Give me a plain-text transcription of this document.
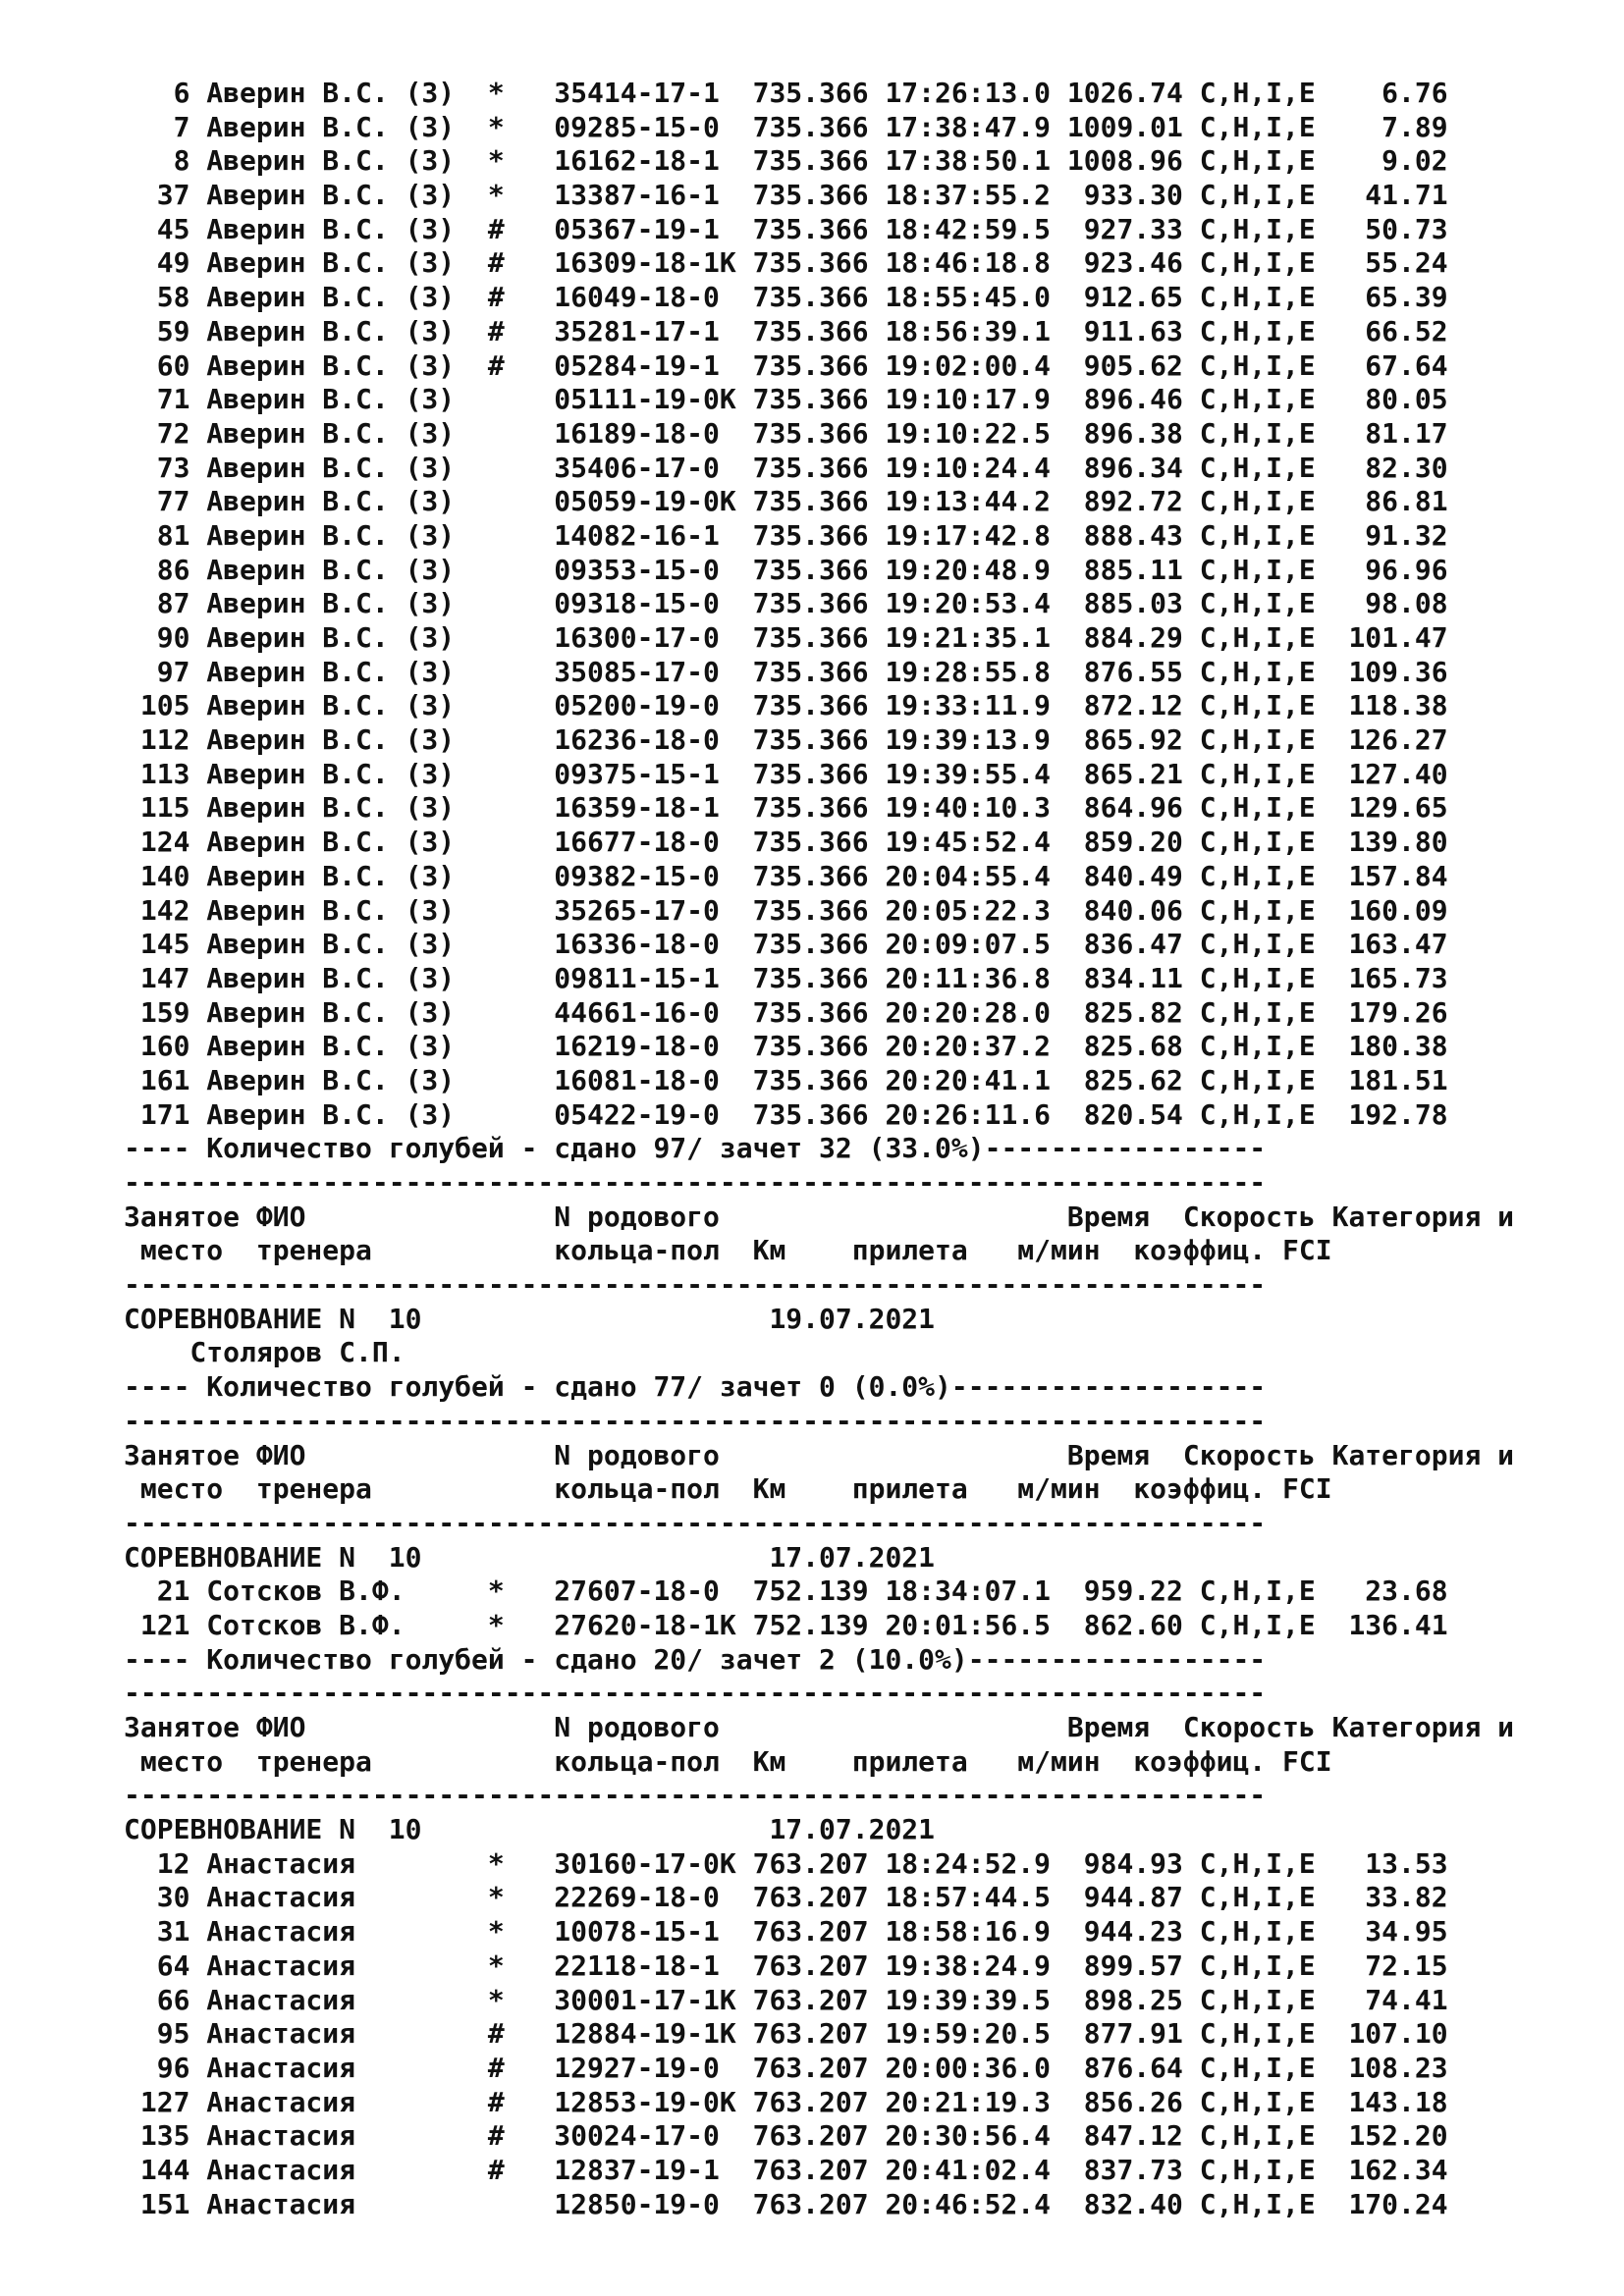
6 Аверин В.С. (З)  *   35414-17-1  735.366 17:26:13.0 1026.74 С,Н,I,Е    6.76
7 Аверин В.С. (З)  *   09285-15-0  735.366 17:38:47.9 1009.01 С,Н,I,Е    7.89
8 Аверин В.С. (З)  *   16162-18-1  735.366 17:38:50.1 1008.96 С,Н,I,Е    9.02
37 Аверин В.С. (З)  *   13387-16-1  735.366 18:37:55.2  933.30 С,Н,I,Е   41.71
45 Аверин В.С. (З)  #   05367-19-1  735.366 18:42:59.5  927.33 С,Н,I,Е   50.73
49 Аверин В.С. (З)  #   16309-18-1К 735.366 18:46:18.8  923.46 С,Н,I,Е   55.24
58 Аверин В.С. (З)  #   16049-18-0  735.366 18:55:45.0  912.65 С,Н,I,Е   65.39
59 Аверин В.С. (З)  #   35281-17-1  735.366 18:56:39.1  911.63 С,Н,I,Е   66.52
60 Аверин В.С. (З)  #   05284-19-1  735.366 19:02:00.4  905.62 С,Н,I,Е   67.64
71 Аверин В.С. (З)      05111-19-0К 735.366 19:10:17.9  896.46 С,Н,I,Е   80.05
72 Аверин В.С. (З)      16189-18-0  735.366 19:10:22.5  896.38 С,Н,I,Е   81.17
73 Аверин В.С. (З)      35406-17-0  735.366 19:10:24.4  896.34 С,Н,I,Е   82.30
77 Аверин В.С. (З)      05059-19-0К 735.366 19:13:44.2  892.72 С,Н,I,Е   86.81
81 Аверин В.С. (З)      14082-16-1  735.366 19:17:42.8  888.43 С,Н,I,Е   91.32
86 Аверин В.С. (З)      09353-15-0  735.366 19:20:48.9  885.11 С,Н,I,Е   96.96
87 Аверин В.С. (З)      09318-15-0  735.366 19:20:53.4  885.03 С,Н,I,Е   98.08
90 Аверин В.С. (З)      16300-17-0  735.366 19:21:35.1  884.29 С,Н,I,Е  101.47
97 Аверин В.С. (З)      35085-17-0  735.366 19:28:55.8  876.55 С,Н,I,Е  109.36
105 Аверин В.С. (З)      05200-19-0  735.366 19:33:11.9  872.12 С,Н,I,Е  118.38
112 Аверин В.С. (З)      16236-18-0  735.366 19:39:13.9  865.92 С,Н,I,Е  126.27
113 Аверин В.С. (З)      09375-15-1  735.366 19:39:55.4  865.21 С,Н,I,Е  127.40
115 Аверин В.С. (З)      16359-18-1  735.366 19:40:10.3  864.96 С,Н,I,Е  129.65
124 Аверин В.С. (З)      16677-18-0  735.366 19:45:52.4  859.20 С,Н,I,Е  139.80
140 Аверин В.С. (З)      09382-15-0  735.366 20:04:55.4  840.49 С,Н,I,Е  157.84
142 Аверин В.С. (З)      35265-17-0  735.366 20:05:22.3  840.06 С,Н,I,Е  160.09
145 Аверин В.С. (З)      16336-18-0  735.366 20:09:07.5  836.47 С,Н,I,Е  163.47
147 Аверин В.С. (З)      09811-15-1  735.366 20:11:36.8  834.11 С,Н,I,Е  165.73
159 Аверин В.С. (З)      44661-16-0  735.366 20:20:28.0  825.82 С,Н,I,Е  179.26
160 Аверин В.С. (З)      16219-18-0  735.366 20:20:37.2  825.68 С,Н,I,Е  180.38
161 Аверин В.С. (З)      16081-18-0  735.366 20:20:41.1  825.62 С,Н,I,Е  181.51
171 Аверин В.С. (З)      05422-19-0  735.366 20:26:11.6  820.54 С,Н,I,Е  192.78
---- Количество голубей - сдано 97/ зачет 32 (33.0%)-----------------
---------------------------------------------------------------------
Занятое ФИО               N родового                     Время  Скорость Категория и
место  тренера           кольца-пол  Км    прилета   м/мин  коэффиц. FCI
---------------------------------------------------------------------
СОРЕВНОВАНИЕ N  10                     19.07.2021
Столяров С.П.
---- Количество голубей - сдано 77/ зачет 0 (0.0%)-------------------
---------------------------------------------------------------------
Занятое ФИО               N родового                     Время  Скорость Категория и
место  тренера           кольца-пол  Км    прилета   м/мин  коэффиц. FCI
---------------------------------------------------------------------
СОРЕВНОВАНИЕ N  10                     17.07.2021
21 Сотсков В.Ф.     *   27607-18-0  752.139 18:34:07.1  959.22 С,Н,I,Е   23.68
121 Сотсков В.Ф.     *   27620-18-1К 752.139 20:01:56.5  862.60 С,Н,I,Е  136.41
---- Количество голубей - сдано 20/ зачет 2 (10.0%)------------------
---------------------------------------------------------------------
Занятое ФИО               N родового                     Время  Скорость Категория и
место  тренера           кольца-пол  Км    прилета   м/мин  коэффиц. FCI
---------------------------------------------------------------------
СОРЕВНОВАНИЕ N  10                     17.07.2021
12 Анастасия        *   30160-17-0К 763.207 18:24:52.9  984.93 С,Н,I,Е   13.53
30 Анастасия        *   22269-18-0  763.207 18:57:44.5  944.87 С,Н,I,Е   33.82
31 Анастасия        *   10078-15-1  763.207 18:58:16.9  944.23 С,Н,I,Е   34.95
64 Анастасия        *   22118-18-1  763.207 19:38:24.9  899.57 С,Н,I,Е   72.15
66 Анастасия        *   30001-17-1К 763.207 19:39:39.5  898.25 С,Н,I,Е   74.41
95 Анастасия        #   12884-19-1К 763.207 19:59:20.5  877.91 С,Н,I,Е  107.10
96 Анастасия        #   12927-19-0  763.207 20:00:36.0  876.64 С,Н,I,Е  108.23
127 Анастасия        #   12853-19-0К 763.207 20:21:19.3  856.26 С,Н,I,Е  143.18
135 Анастасия        #   30024-17-0  763.207 20:30:56.4  847.12 С,Н,I,Е  152.20
144 Анастасия        #   12837-19-1  763.207 20:41:02.4  837.73 С,Н,I,Е  162.34
151 Анастасия            12850-19-0  763.207 20:46:52.4  832.40 С,Н,I,Е  170.24
